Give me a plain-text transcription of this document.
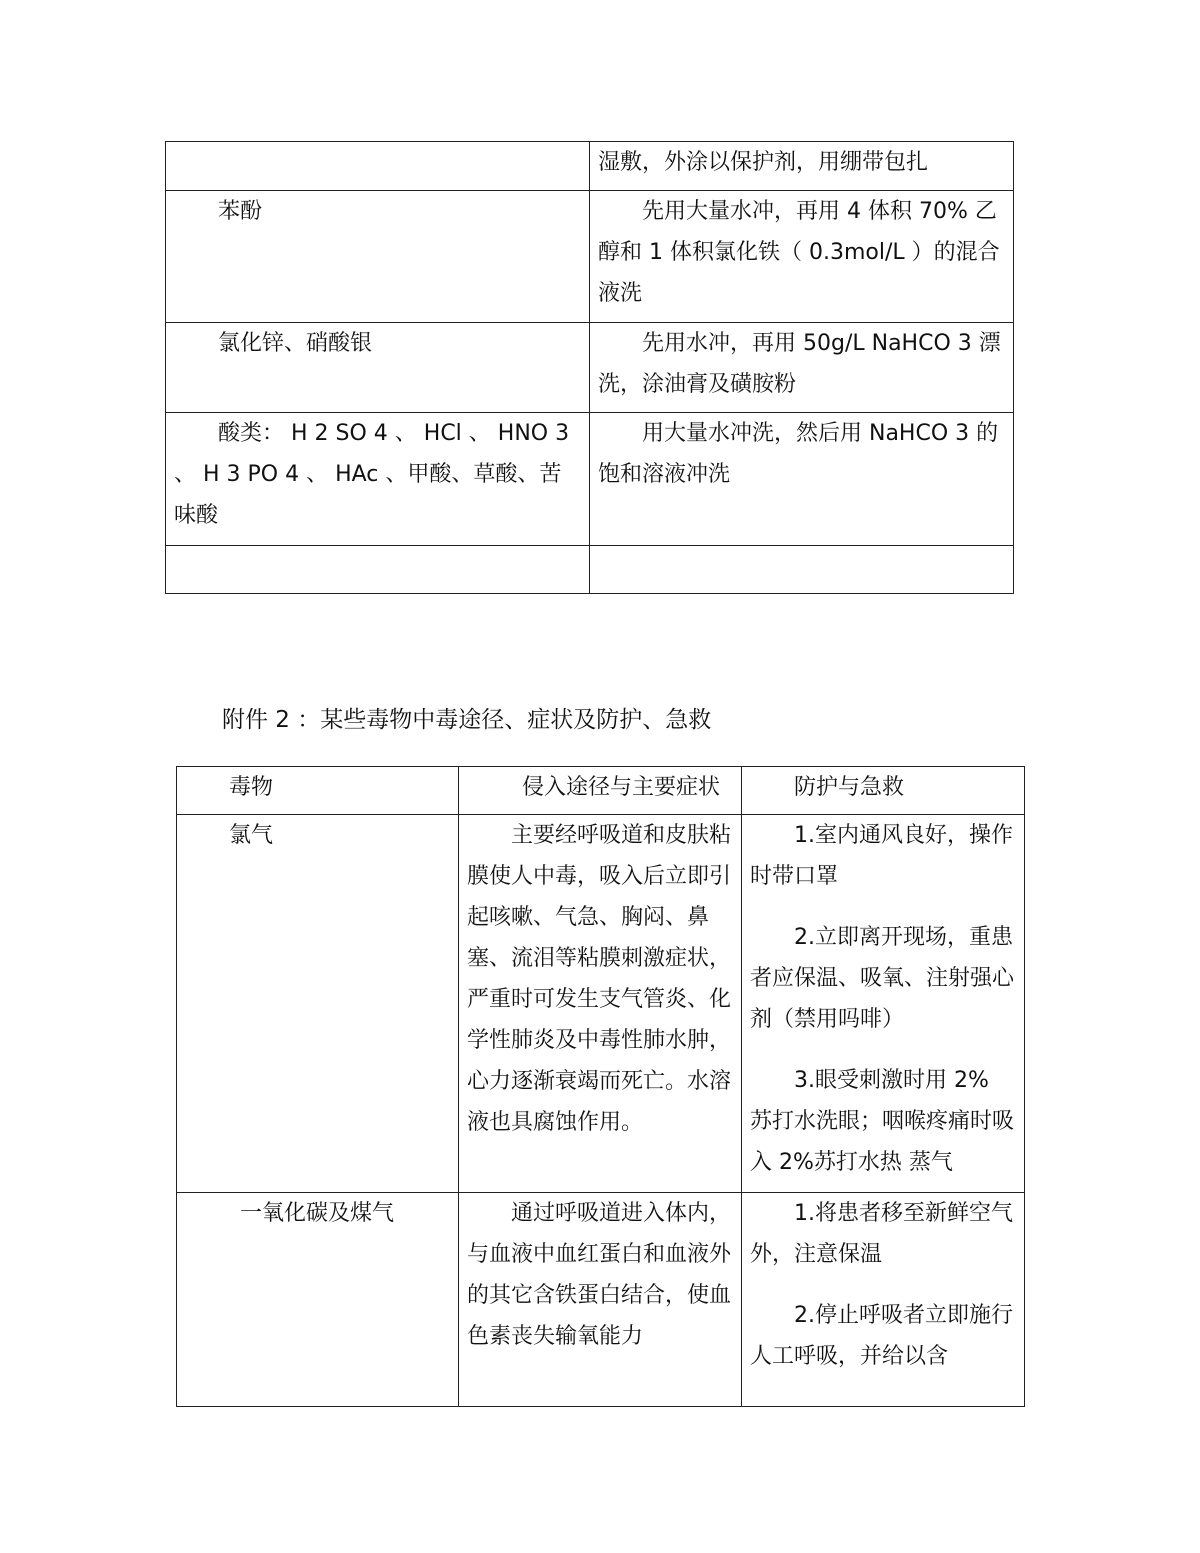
	湿敷，外涂以保护剂，用绷带包扎

苯酚	先用大量水冲，再用 4 体积 70% 乙醇和 1 体积氯化铁（ 0.3mol/L ）的混合液洗

氯化锌、硝酸银	先用水冲，再用 50g/L NaHCO 3 漂洗，涂油膏及磺胺粉

酸类： H 2 SO 4 、 HCl 、 HNO 3 、 H 3 PO 4 、 HAc 、甲酸、草酸、苦味酸	用大量水冲洗，然后用 NaHCO 3 的饱和溶液冲洗

附件 2 ：某些毒物中毒途径、症状及防护、急救
毒物	侵入途径与主要症状	防护与急救

氯气	主要经呼吸道和皮肤粘膜使人中毒，吸入后立即引起咳嗽、气急、胸闷、鼻塞、流泪等粘膜刺激症状，严重时可发生支气管炎、化学性肺炎及中毒性肺水肿，心力逐渐衰竭而死亡。水溶液也具腐蚀作用。	1.室内通风良好，操作时带口罩

2.立即离开现场，重患者应保温、吸氧、注射强心剂（禁用吗啡）

3.眼受刺激时用 2% 苏打水洗眼；咽喉疼痛时吸入 2%苏打水热 蒸气

一氧化碳及煤气	通过呼吸道进入体内，与血液中血红蛋白和血液外的其它含铁蛋白结合，使血色素丧失输氧能力	1.将患者移至新鲜空气外，注意保温

2.停止呼吸者立即施行人工呼吸，并给以含
